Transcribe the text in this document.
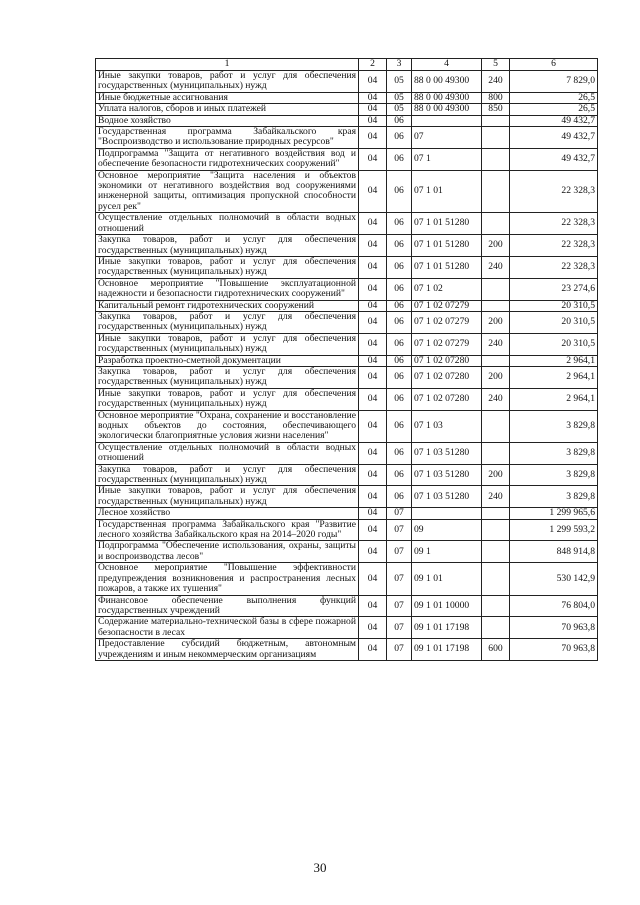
1	2	3	4	5	6
Иные закупки товаров, работ и услуг для обеспечения государственных (муниципальных) нужд	04	05	88 0 00 49300	240	7 829,0
Иные бюджетные ассигнования	04	05	88 0 00 49300	800	26,5
Уплата налогов, сборов и иных платежей	04	05	88 0 00 49300	850	26,5
Водное хозяйство	04	06			49 432,7
Государственная программа Забайкальского края "Воспроизводство и использование природных ресурсов"	04	06	07		49 432,7
Подпрограмма "Защита от негативного воздействия вод и обеспечение безопасности гидротехнических сооружений"	04	06	07 1		49 432,7
Основное мероприятие "Защита населения и объектов экономики от негативного воздействия вод сооружениями инженерной защиты, оптимизация пропускной способности русел рек"	04	06	07 1 01		22 328,3
Осуществление отдельных полномочий в области водных отношений	04	06	07 1 01 51280		22 328,3
Закупка товаров, работ и услуг для обеспечения государственных (муниципальных) нужд	04	06	07 1 01 51280	200	22 328,3
Иные закупки товаров, работ и услуг для обеспечения государственных (муниципальных) нужд	04	06	07 1 01 51280	240	22 328,3
Основное мероприятие "Повышение эксплуатационной надежности и безопасности гидротехнических сооружений"	04	06	07 1 02		23 274,6
Капитальный ремонт гидротехнических сооружений	04	06	07 1 02 07279		20 310,5
Закупка товаров, работ и услуг для обеспечения государственных (муниципальных) нужд	04	06	07 1 02 07279	200	20 310,5
Иные закупки товаров, работ и услуг для обеспечения государственных (муниципальных) нужд	04	06	07 1 02 07279	240	20 310,5
Разработка проектно-сметной документации	04	06	07 1 02 07280		2 964,1
Закупка товаров, работ и услуг для обеспечения государственных (муниципальных) нужд	04	06	07 1 02 07280	200	2 964,1
Иные закупки товаров, работ и услуг для обеспечения государственных (муниципальных) нужд	04	06	07 1 02 07280	240	2 964,1
Основное мероприятие "Охрана, сохранение и восстановление водных объектов до состояния, обеспечивающего экологически благоприятные условия жизни населения"	04	06	07 1 03		3 829,8
Осуществление отдельных полномочий в области водных отношений	04	06	07 1 03 51280		3 829,8
Закупка товаров, работ и услуг для обеспечения государственных (муниципальных) нужд	04	06	07 1 03 51280	200	3 829,8
Иные закупки товаров, работ и услуг для обеспечения государственных (муниципальных) нужд	04	06	07 1 03 51280	240	3 829,8
Лесное хозяйство	04	07			1 299 965,6
Государственная программа Забайкальского края "Развитие лесного хозяйства Забайкальского края на 2014–2020 годы"	04	07	09		1 299 593,2
Подпрограмма "Обеспечение использования, охраны, защиты и воспроизводства лесов"	04	07	09 1		848 914,8
Основное мероприятие "Повышение эффективности предупреждения возникновения и распространения лесных пожаров, а также их тушения"	04	07	09 1 01		530 142,9
Финансовое обеспечение выполнения функций государственных учреждений	04	07	09 1 01 10000		76 804,0
Содержание материально-технической базы в сфере пожарной безопасности в лесах	04	07	09 1 01 17198		70 963,8
Предоставление субсидий бюджетным, автономным учреждениям и иным некоммерческим организациям	04	07	09 1 01 17198	600	70 963,8
30
